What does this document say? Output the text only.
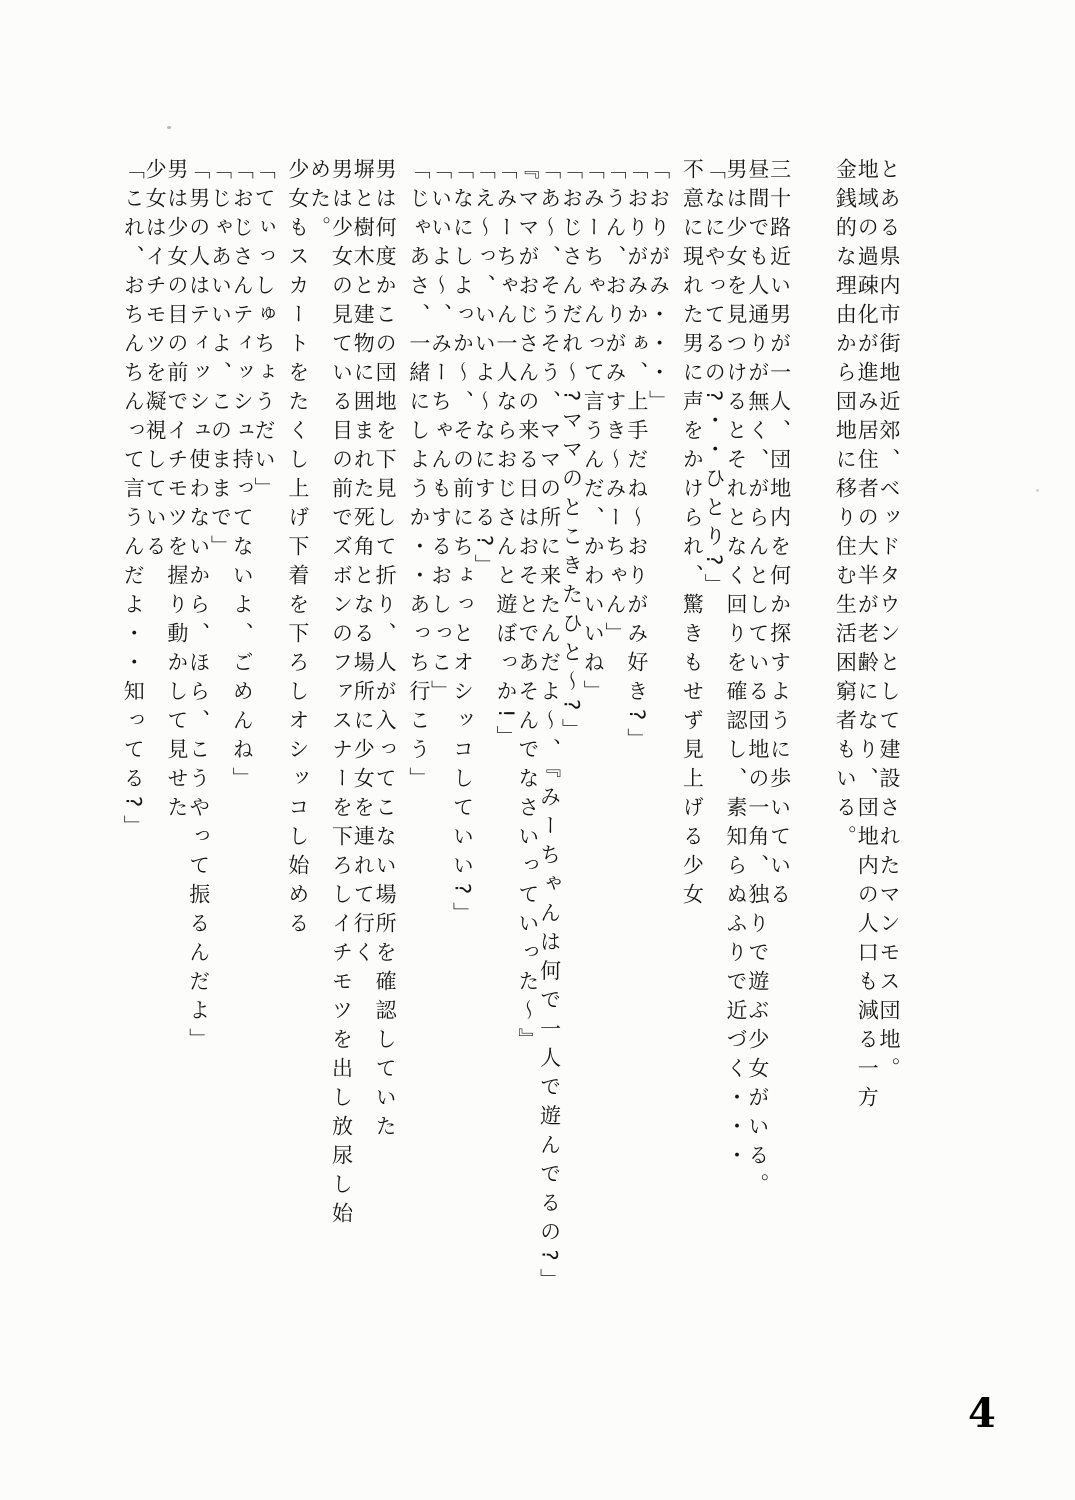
とある県内市街地近郊、ベッドタウンとして建設されたマンモス団地。
地域の過疎化が進み居住者の大半が老齢になり、団地内の人口も減る一方
金銭的な理由から団地に移り住む生活困窮者もいる。
三十路近い男が一人、団地内を何か探すように歩いている
昼間でも人通りが無く、がらんとしている団地の一角、独りで遊ぶ少女がいる。
男は少女を見つけるとそれとなく回りを確認し、素知らぬふりで近づく・・・
「なにやってるの?・・ひとり?」
不意に現れた男に声をかけられ、驚きもせず見上げる少女
「おりがみ・・・」
「おりがみかぁ、上手だね〜おりがみ好き?」
「うん、おりがみすき〜みーちゃん」
「みーちゃんって言うんだ、かわいいね」
「おじさんだれ〜?ママのとこきたひと〜?」
「あ〜、そうそう、ママの所に来たんだよ〜、『みーちゃんは何で一人で遊んでるの?」
『ママがおじさんの来る日はおそとであそんでなさいっていった〜』
「みーちゃん一人ならおじさんと遊ぼっか!」
「え〜っ、いいよ〜なにする?」
「なにしよっか〜、その前にちょっとオシッコしていい?」
「いいよ〜、みーちゃんもするおしっこ」
「じゃあさ、一緒にしようか・・あっち行こう」
男は何度かこの団地を下見して折り、人が入ってこない場所を確認していた
塀と樹木と建物に囲まれた死角となる場所に少女を連れて行く
男は少女の見ている目の前でズボンのファスナーを下ろしイチモツを出し放尿し始
めた。
少女もスカートをたくし上げ下着を下ろしオシッコし始める
「てぃっしゅちょうだい」
「おじさんティッシュ持ってないよ、ごめんね」
「じゃあいいよ、このままで」
「男の人はティッシュ使わないから、ほら、こうやって振るんだよ」
男は少女の目の前でイチモツを握り動かして見せた
少女はイチモツを凝視している
「これ、おちんちんって言うんだよ・・知ってる?」
4
